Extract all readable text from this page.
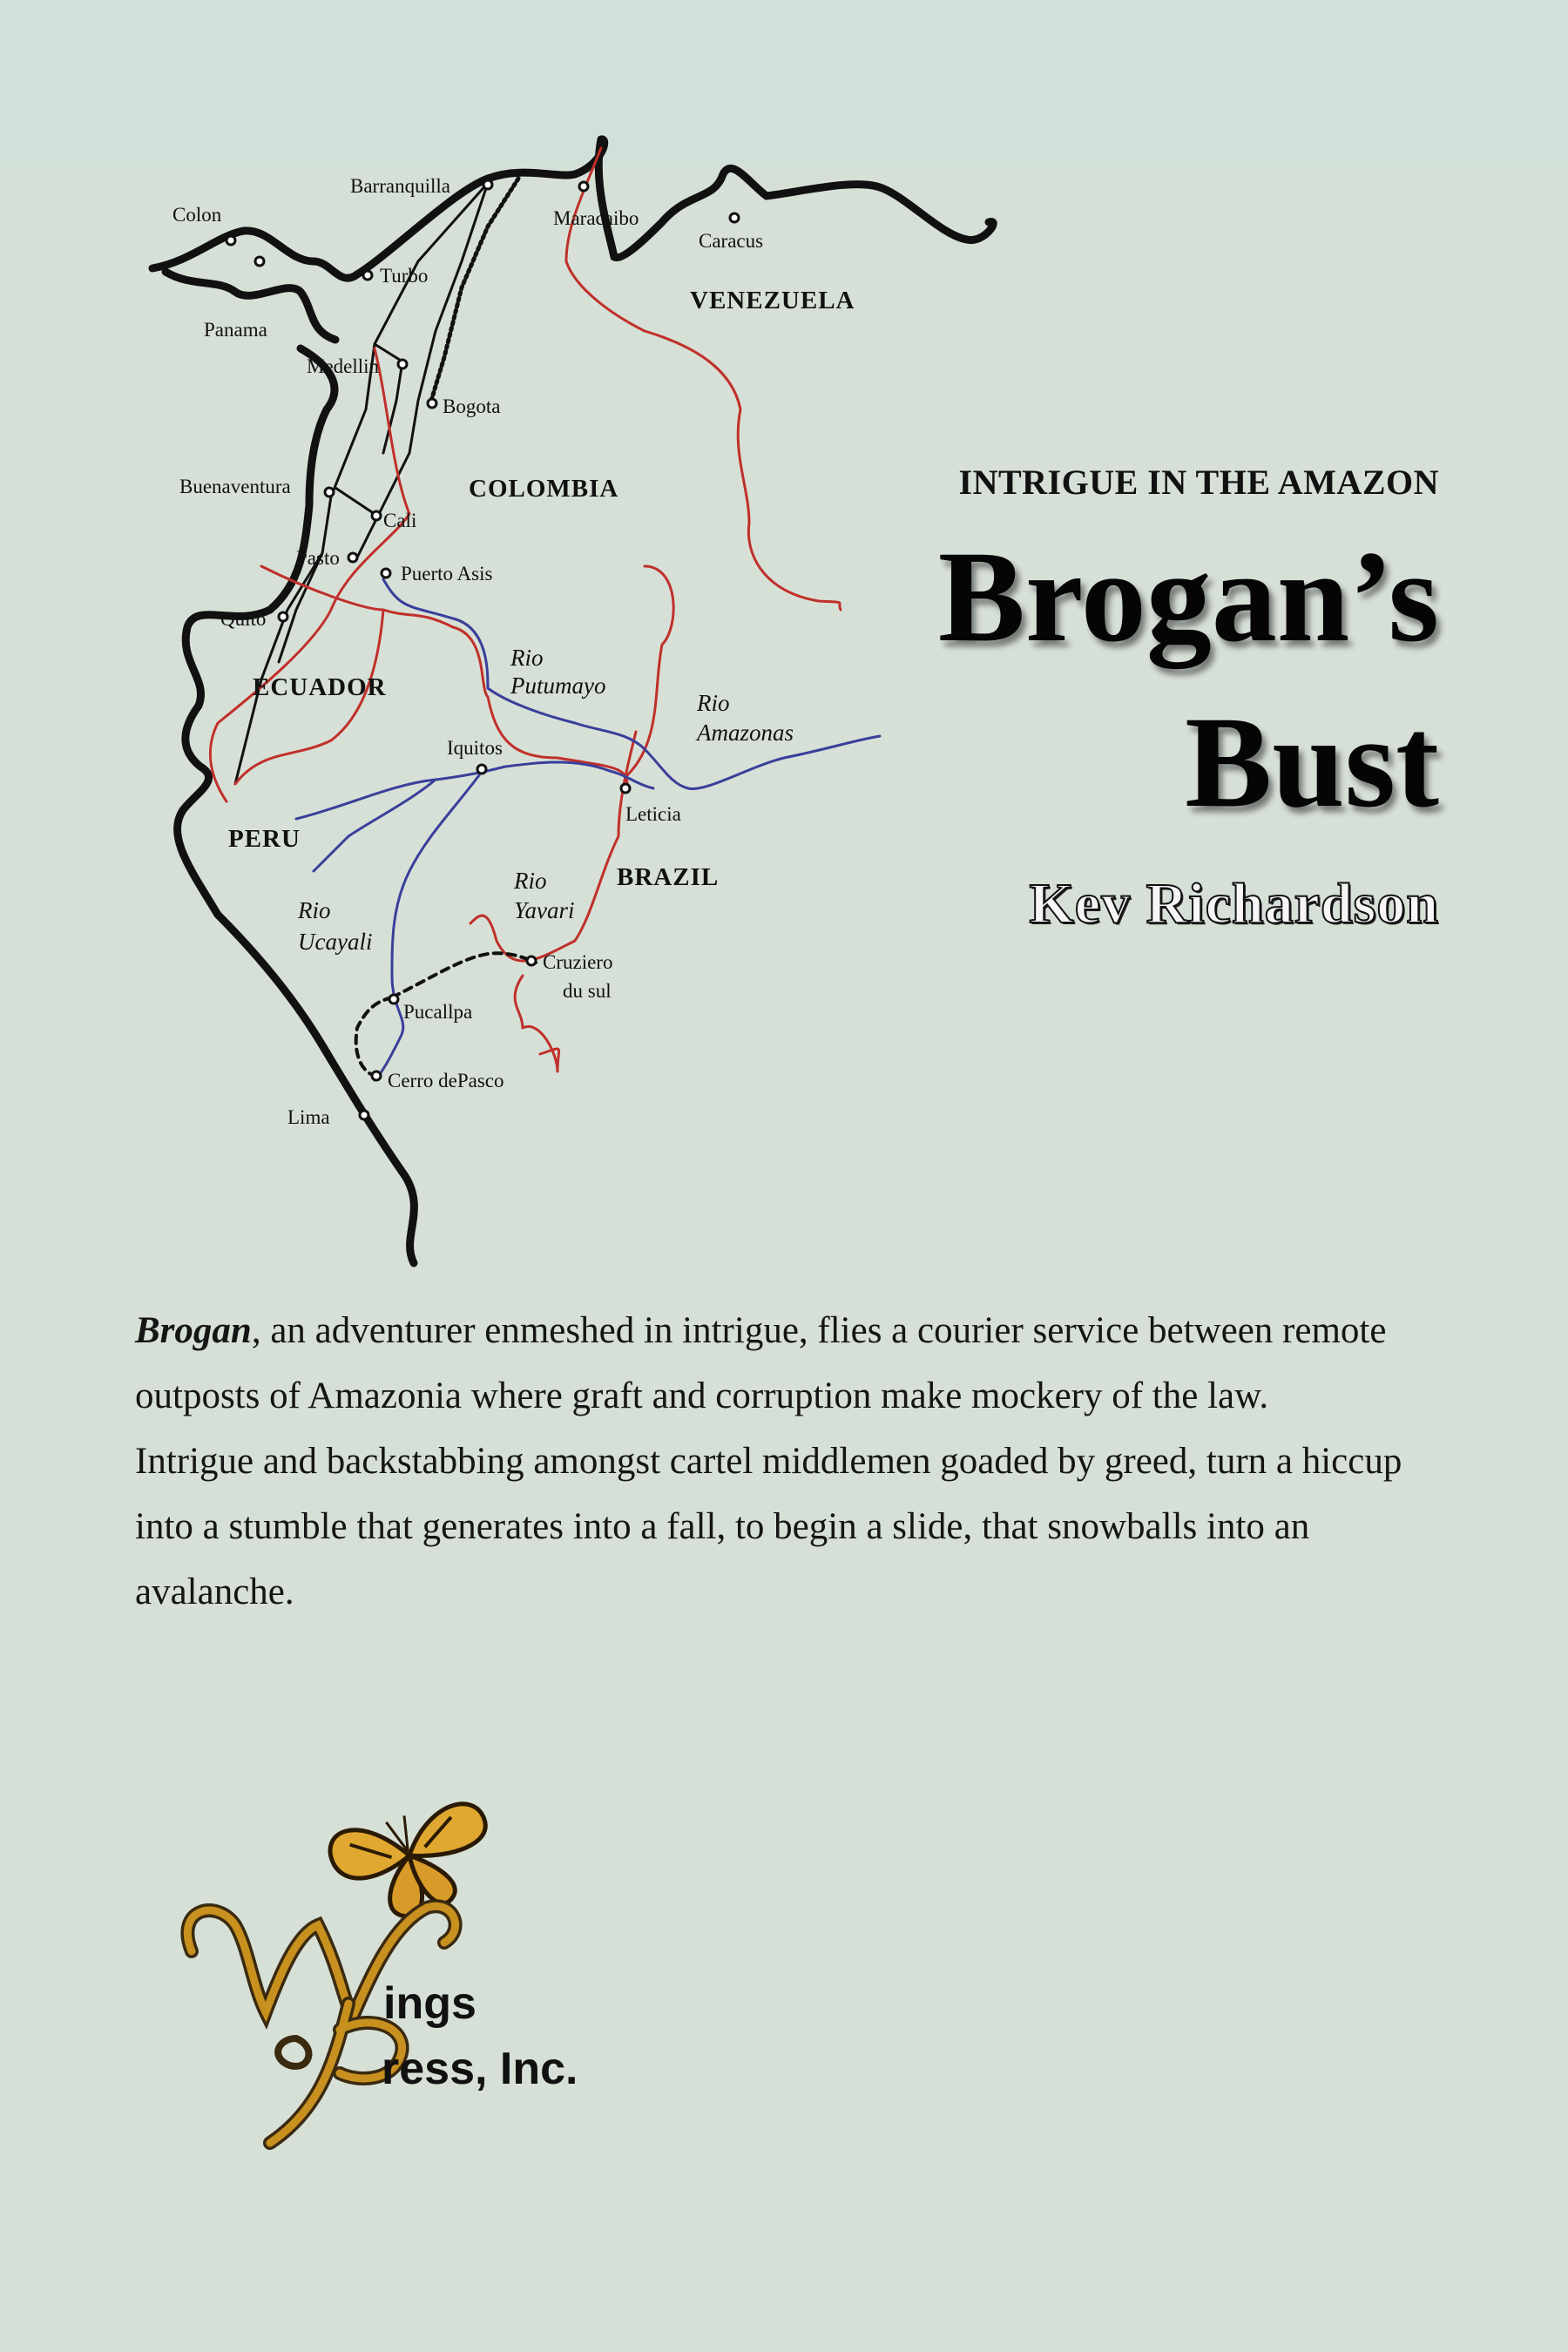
Colon
Panama
Barranquilla
Maracaibo
Caracus
Turbo
Medellin
Bogota
Buenaventura
Cali
Pasto
Puerto Asis
Quito
Iquitos
Leticia
Cruziero
du sul
Pucallpa
Cerro dePasco
Lima
VENEZUELA
COLOMBIA
ECUADOR
PERU
BRAZIL
Rio
Putumayo
Rio
Amazonas
Rio
Yavari
Rio
Ucayali
INTRIGUE IN THE AMAZON
Brogan’s
Bust
Kev Richardson

Brogan, an adventurer enmeshed in intrigue, flies a courier service between remote outposts of Amazonia where graft and corruption make mockery of the law.

Intrigue and backstabbing amongst cartel middlemen goaded by greed, turn a hiccup into a stumble that generates into a fall, to begin a slide, that snowballs into an avalanche.

ings
ress, Inc.
